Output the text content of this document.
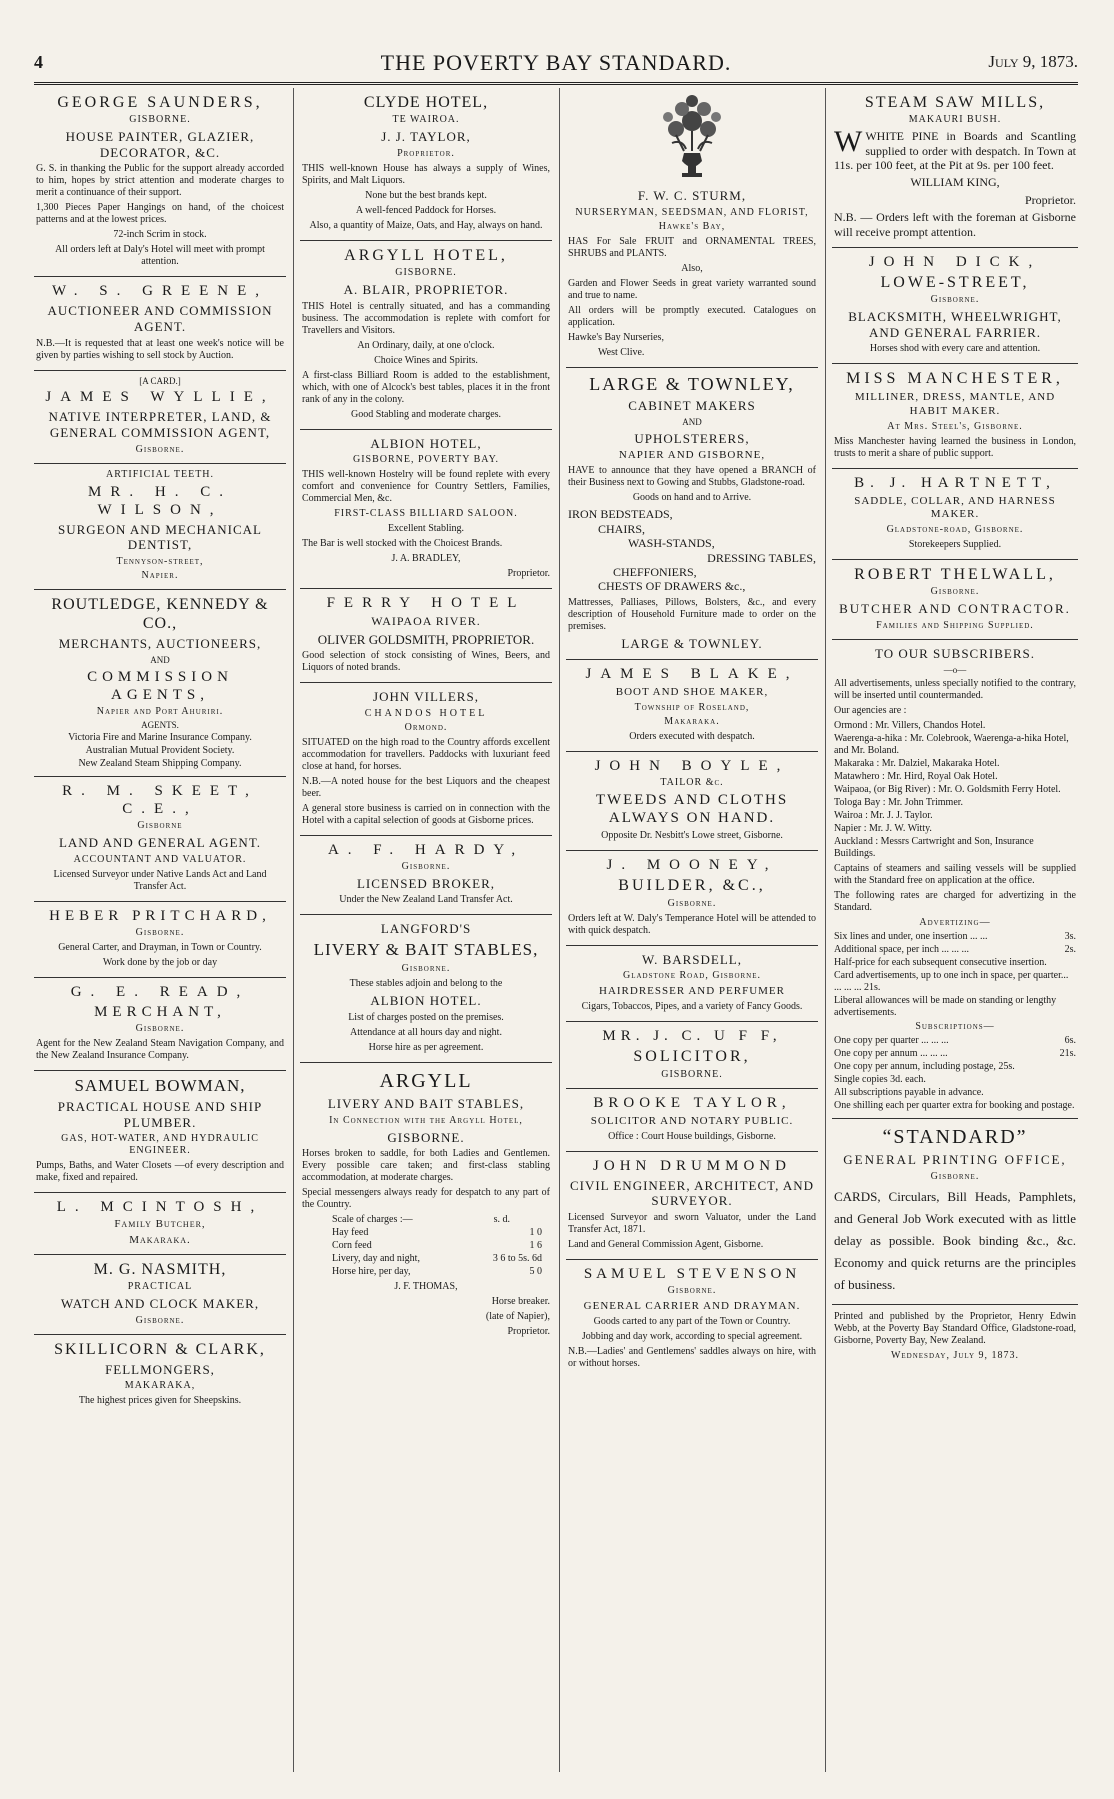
4	THE POVERTY BAY STANDARD.	July 9, 1873.
GEORGE SAUNDERS,
GISBORNE.
HOUSE PAINTER, GLAZIER, DECORATOR, &C.

G. S. in thanking the Public for the support already accorded to him, hopes by strict attention and moderate charges to merit a continuance of their support.

1,300 Pieces Paper Hangings on hand, of the choicest patterns and at the lowest prices.

72-inch Scrim in stock.

All orders left at Daly's Hotel will meet with prompt attention.

W. S. GREENE,
AUCTIONEER AND COMMISSION AGENT.

N.B.—It is requested that at least one week's notice will be given by parties wishing to sell stock by Auction.

[A CARD.]
JAMES WYLLIE,
NATIVE INTERPRETER, LAND, & GENERAL COMMISSION AGENT,
Gisborne.
ARTIFICIAL TEETH.
MR. H. C. WILSON,
SURGEON AND MECHANICAL DENTIST,
Tennyson-street,
Napier.
ROUTLEDGE, KENNEDY & CO.,
MERCHANTS, AUCTIONEERS,
AND
COMMISSION AGENTS,
Napier and Port Ahuriri.
AGENTS.

Victoria Fire and Marine Insurance Company.

Australian Mutual Provident Society.

New Zealand Steam Shipping Company.

R. M. SKEET, C.E.,
Gisborne
LAND AND GENERAL AGENT.
ACCOUNTANT AND VALUATOR.

Licensed Surveyor under Native Lands Act and Land Transfer Act.

HEBER PRITCHARD,
Gisborne.

General Carter, and Drayman, in Town or Country.

Work done by the job or day

G. E. READ,
MERCHANT,
Gisborne.

Agent for the New Zealand Steam Navigation Company, and the New Zealand Insurance Company.

SAMUEL BOWMAN,
PRACTICAL HOUSE AND SHIP PLUMBER.
GAS, HOT-WATER, AND HYDRAULIC ENGINEER.

Pumps, Baths, and Water Closets —of every description and make, fixed and repaired.

L. MCINTOSH,
Family Butcher,
Makaraka.
M. G. NASMITH,
PRACTICAL
WATCH AND CLOCK MAKER,
Gisborne.
SKILLICORN & CLARK,
FELLMONGERS,
MAKARAKA,

The highest prices given for Sheepskins.

CLYDE HOTEL,
TE WAIROA.
J. J. TAYLOR,
Proprietor.

THIS well-known House has always a supply of Wines, Spirits, and Malt Liquors.

None but the best brands kept.

A well-fenced Paddock for Horses.

Also, a quantity of Maize, Oats, and Hay, always on hand.

ARGYLL HOTEL,
GISBORNE.
A. BLAIR, PROPRIETOR.

THIS Hotel is centrally situated, and has a commanding business. The accommodation is replete with comfort for Travellers and Visitors.

An Ordinary, daily, at one o'clock.

Choice Wines and Spirits.

A first-class Billiard Room is added to the establishment, which, with one of Alcock's best tables, places it in the front rank of any in the colony.

Good Stabling and moderate charges.

ALBION HOTEL,
GISBORNE, POVERTY BAY.

THIS well-known Hostelry will be found replete with every comfort and convenience for Country Settlers, Families, Commercial Men, &c.

FIRST-CLASS BILLIARD SALOON.

Excellent Stabling.

The Bar is well stocked with the Choicest Brands.

J. A. BRADLEY,

Proprietor.

FERRY HOTEL
WAIPAOA RIVER.
OLIVER GOLDSMITH, PROPRIETOR.

Good selection of stock consisting of Wines, Beers, and Liquors of noted brands.

JOHN VILLERS,
CHANDOS HOTEL
Ormond.

SITUATED on the high road to the Country affords excellent accommodation for travellers. Paddocks with luxuriant feed close at hand, for horses.

N.B.—A noted house for the best Liquors and the cheapest beer.

A general store business is carried on in connection with the Hotel with a capital selection of goods at Gisborne prices.

A. F. HARDY,
Gisborne.
LICENSED BROKER,

Under the New Zealand Land Transfer Act.

LANGFORD'S
LIVERY & BAIT STABLES,
Gisborne.

These stables adjoin and belong to the

ALBION HOTEL.

List of charges posted on the premises.

Attendance at all hours day and night.

Horse hire as per agreement.

ARGYLL
LIVERY AND BAIT STABLES,
In Connection with the Argyll Hotel,
GISBORNE.

Horses broken to saddle, for both Ladies and Gentlemen. Every possible care taken; and first-class stabling accommodation, at moderate charges.

Special messengers always ready for despatch to any part of the Country.

Scale of charges :—	s. d.
Hay feed	1 0
Corn feed	1 6
Livery, day and night,	3 6 to 5s. 6d
Horse hire, per day,	5 0

J. F. THOMAS,

Horse breaker.

(late of Napier),

Proprietor.

F. W. C. STURM,
NURSERYMAN, SEEDSMAN, AND FLORIST,
Hawke's Bay,

HAS For Sale FRUIT and ORNAMENTAL TREES, SHRUBS and PLANTS.

Also,

Garden and Flower Seeds in great variety warranted sound and true to name.

All orders will be promptly executed. Catalogues on application.

Hawke's Bay Nurseries,

West Clive.

LARGE & TOWNLEY,
CABINET MAKERS
AND
UPHOLSTERERS,
NAPIER AND GISBORNE,

HAVE to announce that they have opened a BRANCH of their Business next to Gowing and Stubbs, Gladstone-road.

Goods on hand and to Arrive.

IRON BEDSTEADS,
CHAIRS,
WASH-STANDS,
DRESSING TABLES,
CHEFFONIERS,
CHESTS OF DRAWERS &c.,

Mattresses, Palliases, Pillows, Bolsters, &c., and every description of Household Furniture made to order on the premises.

LARGE & TOWNLEY.
JAMES BLAKE,
BOOT AND SHOE MAKER,
Township of Roseland,
Makaraka.

Orders executed with despatch.

JOHN BOYLE,
TAILOR &c.
TWEEDS AND CLOTHS ALWAYS ON HAND.

Opposite Dr. Nesbitt's Lowe street, Gisborne.

J. MOONEY,
BUILDER, &C.,
Gisborne.

Orders left at W. Daly's Temperance Hotel will be attended to with quick despatch.

W. BARSDELL,
Gladstone Road, Gisborne.
HAIRDRESSER AND PERFUMER

Cigars, Tobaccos, Pipes, and a variety of Fancy Goods.

MR. J. C. U F F,
SOLICITOR,
GISBORNE.
BROOKE TAYLOR,
SOLICITOR AND NOTARY PUBLIC.

Office : Court House buildings, Gisborne.

JOHN DRUMMOND
CIVIL ENGINEER, ARCHITECT, AND SURVEYOR.

Licensed Surveyor and sworn Valuator, under the Land Transfer Act, 1871.

Land and General Commission Agent, Gisborne.

SAMUEL STEVENSON
Gisborne.
GENERAL CARRIER AND DRAYMAN.

Goods carted to any part of the Town or Country.

Jobbing and day work, according to special agreement.

N.B.—Ladies' and Gentlemens' saddles always on hire, with or without horses.

STEAM SAW MILLS,
MAKAURI BUSH.

WWHITE PINE in Boards and Scantling supplied to order with despatch. In Town at 11s. per 100 feet, at the Pit at 9s. per 100 feet.

WILLIAM KING,

Proprietor.

N.B. — Orders left with the foreman at Gisborne will receive prompt attention.

JOHN DICK,
LOWE-STREET,
Gisborne.
BLACKSMITH, WHEELWRIGHT, AND GENERAL FARRIER.

Horses shod with every care and attention.

MISS MANCHESTER,
MILLINER, DRESS, MANTLE, AND HABIT MAKER.
At Mrs. Steel's, Gisborne.

Miss Manchester having learned the business in London, trusts to merit a share of public support.

B. J. HARTNETT,
SADDLE, COLLAR, AND HARNESS MAKER.
Gladstone-road, Gisborne.

Storekeepers Supplied.

ROBERT THELWALL,
Gisborne.
BUTCHER AND CONTRACTOR.
Families and Shipping Supplied.
TO OUR SUBSCRIBERS.
—o—

All advertisements, unless specially notified to the contrary, will be inserted until countermanded.

Our agencies are :

Ormond : Mr. Villers, Chandos Hotel.
Waerenga-a-hika : Mr. Colebrook, Waerenga-a-hika Hotel, and Mr. Boland.
Makaraka : Mr. Dalziel, Makaraka Hotel.
Matawhero : Mr. Hird, Royal Oak Hotel.
Waipaoa, (or Big River) : Mr. O. Goldsmith Ferry Hotel.
Tologa Bay : Mr. John Trimmer.
Wairoa : Mr. J. J. Taylor.
Napier : Mr. J. W. Witty.
Auckland : Messrs Cartwright and Son, Insurance Buildings.

Captains of steamers and sailing vessels will be supplied with the Standard free on application at the office.

The following rates are charged for advertizing in the Standard.

Advertizing—
Six lines and under, one insertion ... ...	3s.
Additional space, per inch ... ... ...	2s.
Half-price for each subsequent consecutive insertion.
Card advertisements, up to one inch in space, per quarter... ... ... ... 21s.
Liberal allowances will be made on standing or lengthy advertisements.
Subscriptions—
One copy per quarter ... ... ...	6s.
One copy per annum ... ... ...	21s.
One copy per annum, including postage, 25s.
Single copies 3d. each.
All subscriptions payable in advance.
One shilling each per quarter extra for booking and postage.
“STANDARD”
GENERAL PRINTING OFFICE,
Gisborne.

CARDS, Circulars, Bill Heads, Pamphlets, and General Job Work executed with as little delay as possible. Book binding &c., &c. Economy and quick returns are the principles of business.

Printed and published by the Proprietor, Henry Edwin Webb, at the Poverty Bay Standard Office, Gladstone-road, Gisborne, Poverty Bay, New Zealand.

Wednesday, July 9, 1873.
